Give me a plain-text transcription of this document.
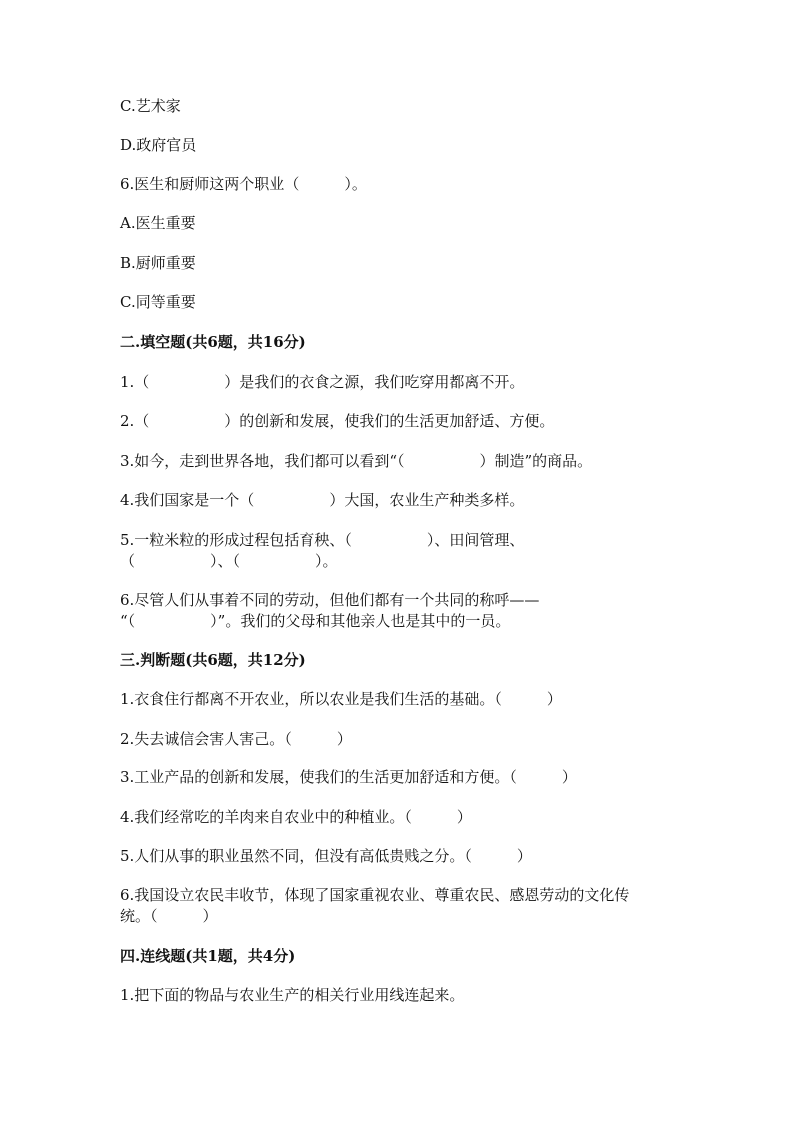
C.艺术家

D.政府官员

6.医生和厨师这两个职业（　　　）。

A.医生重要

B.厨师重要

C.同等重要

二.填空题(共6题，共16分)

1.（　　　　　）是我们的衣食之源，我们吃穿用都离不开。

2.（　　　　　）的创新和发展，使我们的生活更加舒适、方便。

3.如今，走到世界各地，我们都可以看到“（　　　　　）制造”的商品。

4.我们国家是一个（　　　　　）大国，农业生产种类多样。

5.一粒米粒的形成过程包括育秧、（　　　　　）、田间管理、

（　　　　　）、（　　　　　）。

6.尽管人们从事着不同的劳动，但他们都有一个共同的称呼——

“（　　　　　）”。我们的父母和其他亲人也是其中的一员。

三.判断题(共6题，共12分)

1.衣食住行都离不开农业，所以农业是我们生活的基础。（　　　）

2.失去诚信会害人害己。（　　　）

3.工业产品的创新和发展，使我们的生活更加舒适和方便。（　　　）

4.我们经常吃的羊肉来自农业中的种植业。（　　　）

5.人们从事的职业虽然不同，但没有高低贵贱之分。（　　　）

6.我国设立农民丰收节，体现了国家重视农业、尊重农民、感恩劳动的文化传

统。（　　　）

四.连线题(共1题，共4分)

1.把下面的物品与农业生产的相关行业用线连起来。
